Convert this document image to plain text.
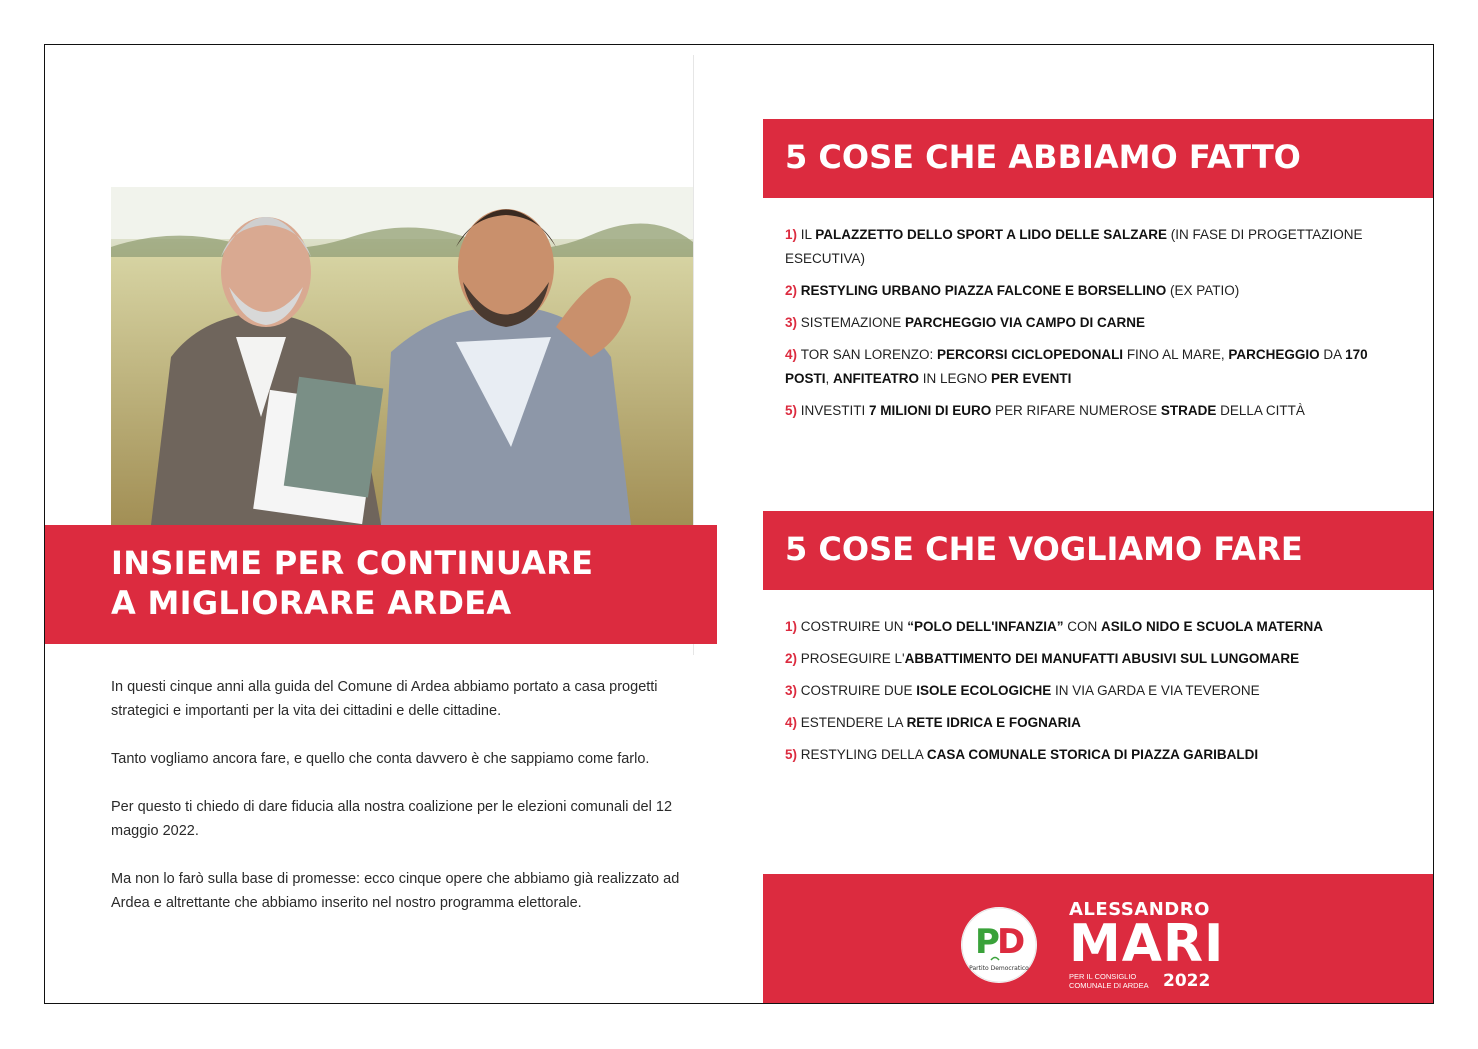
INSIEME PER CONTINUARE
A MIGLIORARE ARDEA

In questi cinque anni alla guida del Comune di Ardea abbiamo portato a casa progetti strategici e importanti per la vita dei cittadini e delle cittadine.

Tanto vogliamo ancora fare, e quello che conta davvero è che sappiamo come farlo.

Per questo ti chiedo di dare fiducia alla nostra coalizione per le elezioni comunali del 12 maggio 2022.

Ma non lo farò sulla base di promesse: ecco cinque opere che abbiamo già realizzato ad Ardea e altrettante che abbiamo inserito nel nostro programma elettorale.

5 COSE CHE ABBIAMO FATTO

1) IL PALAZZETTO DELLO SPORT A LIDO DELLE SALZARE (IN FASE DI PROGETTAZIONE ESECUTIVA)

2) RESTYLING URBANO PIAZZA FALCONE E BORSELLINO (EX PATIO)

3) SISTEMAZIONE PARCHEGGIO VIA CAMPO DI CARNE

4) TOR SAN LORENZO: PERCORSI CICLOPEDONALI FINO AL MARE, PARCHEGGIO DA 170 POSTI, ANFITEATRO IN LEGNO PER EVENTI

5) INVESTITI 7 MILIONI DI EURO PER RIFARE NUMEROSE STRADE DELLA CITTÀ

5 COSE CHE VOGLIAMO FARE

1) COSTRUIRE UN “POLO DELL'INFANZIA” CON ASILO NIDO E SCUOLA MATERNA

2) PROSEGUIRE L'ABBATTIMENTO DEI MANUFATTI ABUSIVI SUL LUNGOMARE

3) COSTRUIRE DUE ISOLE ECOLOGICHE IN VIA GARDA E VIA TEVERONE

4) ESTENDERE LA RETE IDRICA E FOGNARIA

5) RESTYLING DELLA CASA COMUNALE STORICA DI PIAZZA GARIBALDI

P
D
Partito Democratico
ALESSANDRO
MARI
PER IL CONSIGLIO
COMUNALE DI ARDEA 2022
